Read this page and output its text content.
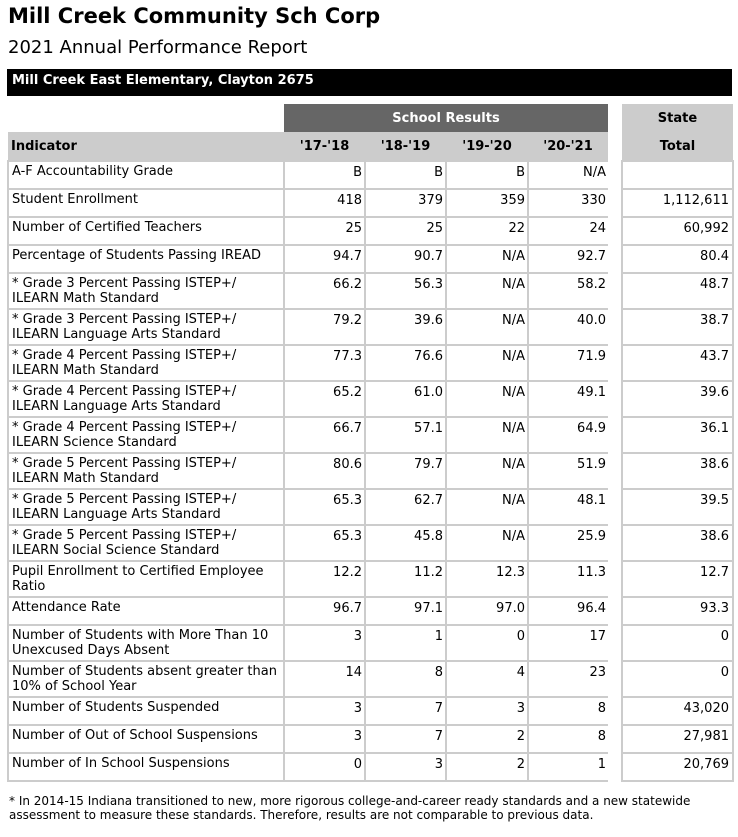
Mill Creek Community Sch Corp
2021 Annual Performance Report
Mill Creek East Elementary, Clayton 2675
	School Results					State
Indicator	'17-'18	'18-'19	'19-'20	'20-'21		Total
A-F Accountability Grade	B	B	B	N/A		
Student Enrollment	418	379	359	330		1,112,611
Number of Certified Teachers	25	25	22	24		60,992
Percentage of Students Passing IREAD	94.7	90.7	N/A	92.7		80.4
* Grade 3 Percent Passing ISTEP+/ ILEARN Math Standard	66.2	56.3	N/A	58.2		48.7
* Grade 3 Percent Passing ISTEP+/ ILEARN Language Arts Standard	79.2	39.6	N/A	40.0		38.7
* Grade 4 Percent Passing ISTEP+/ ILEARN Math Standard	77.3	76.6	N/A	71.9		43.7
* Grade 4 Percent Passing ISTEP+/ ILEARN Language Arts Standard	65.2	61.0	N/A	49.1		39.6
* Grade 4 Percent Passing ISTEP+/ ILEARN Science Standard	66.7	57.1	N/A	64.9		36.1
* Grade 5 Percent Passing ISTEP+/ ILEARN Math Standard	80.6	79.7	N/A	51.9		38.6
* Grade 5 Percent Passing ISTEP+/ ILEARN Language Arts Standard	65.3	62.7	N/A	48.1		39.5
* Grade 5 Percent Passing ISTEP+/ ILEARN Social Science Standard	65.3	45.8	N/A	25.9		38.6
Pupil Enrollment to Certified Employee Ratio	12.2	11.2	12.3	11.3		12.7
Attendance Rate	96.7	97.1	97.0	96.4		93.3
Number of Students with More Than 10 Unexcused Days Absent	3	1	0	17		0
Number of Students absent greater than 10% of School Year	14	8	4	23		0
Number of Students Suspended	3	7	3	8		43,020
Number of Out of School Suspensions	3	7	2	8		27,981
Number of In School Suspensions	0	3	2	1		20,769
* In 2014-15 Indiana transitioned to new, more rigorous college-and-career ready standards and a new statewide assessment to measure these standards. Therefore, results are not comparable to previous data.
